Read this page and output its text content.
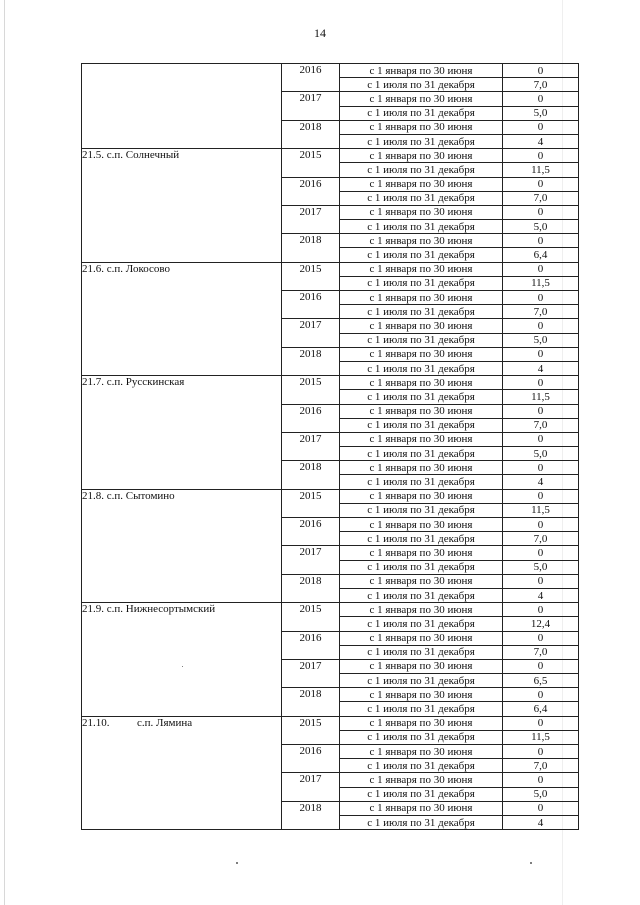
14
	2016	с 1 января по 30 июня	0
		с 1 июля по 31 декабря	7,0
	2017	с 1 января по 30 июня	0
		с 1 июля по 31 декабря	5,0
	2018	с 1 января по 30 июня	0
		с 1 июля по 31 декабря	4
21.5. с.п. Солнечный	2015	с 1 января по 30 июня	0
		с 1 июля по 31 декабря	11,5
	2016	с 1 января по 30 июня	0
		с 1 июля по 31 декабря	7,0
	2017	с 1 января по 30 июня	0
		с 1 июля по 31 декабря	5,0
	2018	с 1 января по 30 июня	0
		с 1 июля по 31 декабря	6,4
21.6. с.п. Локосово	2015	с 1 января по 30 июня	0
		с 1 июля по 31 декабря	11,5
	2016	с 1 января по 30 июня	0
		с 1 июля по 31 декабря	7,0
	2017	с 1 января по 30 июня	0
		с 1 июля по 31 декабря	5,0
	2018	с 1 января по 30 июня	0
		с 1 июля по 31 декабря	4
21.7. с.п. Русскинская	2015	с 1 января по 30 июня	0
		с 1 июля по 31 декабря	11,5
	2016	с 1 января по 30 июня	0
		с 1 июля по 31 декабря	7,0
	2017	с 1 января по 30 июня	0
		с 1 июля по 31 декабря	5,0
	2018	с 1 января по 30 июня	0
		с 1 июля по 31 декабря	4
21.8. с.п. Сытомино	2015	с 1 января по 30 июня	0
		с 1 июля по 31 декабря	11,5
	2016	с 1 января по 30 июня	0
		с 1 июля по 31 декабря	7,0
	2017	с 1 января по 30 июня	0
		с 1 июля по 31 декабря	5,0
	2018	с 1 января по 30 июня	0
		с 1 июля по 31 декабря	4
21.9. с.п. Нижнесортымский	2015	с 1 января по 30 июня	0
		с 1 июля по 31 декабря	12,4
	2016	с 1 января по 30 июня	0
		с 1 июля по 31 декабря	7,0
	2017	с 1 января по 30 июня	0
		с 1 июля по 31 декабря	6,5
	2018	с 1 января по 30 июня	0
		с 1 июля по 31 декабря	6,4
21.10.          с.п. Лямина	2015	с 1 января по 30 июня	0
		с 1 июля по 31 декабря	11,5
	2016	с 1 января по 30 июня	0
		с 1 июля по 31 декабря	7,0
	2017	с 1 января по 30 июня	0
		с 1 июля по 31 декабря	5,0
	2018	с 1 января по 30 июня	0
		с 1 июля по 31 декабря	4
